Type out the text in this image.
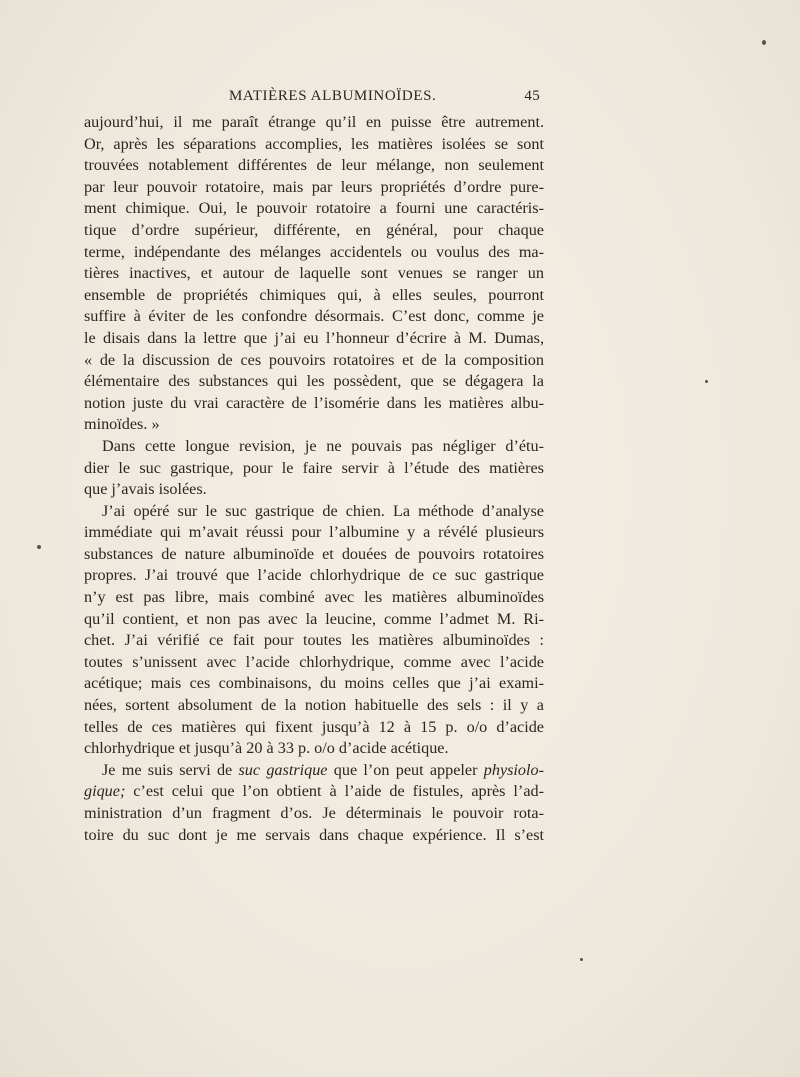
MATIÈRES ALBUMINOÏDES.	45
aujourd’hui, il me paraît étrange qu’il en puisse être autrement.
Or, après les séparations accomplies, les matières isolées se sont
trouvées notablement différentes de leur mélange, non seulement
par leur pouvoir rotatoire, mais par leurs propriétés d’ordre pure-
ment chimique. Oui, le pouvoir rotatoire a fourni une caractéris-
tique d’ordre supérieur, différente, en général, pour chaque
terme, indépendante des mélanges accidentels ou voulus des ma-
tières inactives, et autour de laquelle sont venues se ranger un
ensemble de propriétés chimiques qui, à elles seules, pourront
suffire à éviter de les confondre désormais. C’est donc, comme je
le disais dans la lettre que j’ai eu l’honneur d’écrire à M. Dumas,
« de la discussion de ces pouvoirs rotatoires et de la composition
élémentaire des substances qui les possèdent, que se dégagera la
notion juste du vrai caractère de l’isomérie dans les matières albu-
minoïdes. »
Dans cette longue revision, je ne pouvais pas négliger d’étu-
dier le suc gastrique, pour le faire servir à l’étude des matières
que j’avais isolées.
J’ai opéré sur le suc gastrique de chien. La méthode d’analyse
immédiate qui m’avait réussi pour l’albumine y a révélé plusieurs
substances de nature albuminoïde et douées de pouvoirs rotatoires
propres. J’ai trouvé que l’acide chlorhydrique de ce suc gastrique
n’y est pas libre, mais combiné avec les matières albuminoïdes
qu’il contient, et non pas avec la leucine, comme l’admet M. Ri-
chet. J’ai vérifié ce fait pour toutes les matières albuminoïdes :
toutes s’unissent avec l’acide chlorhydrique, comme avec l’acide
acétique; mais ces combinaisons, du moins celles que j’ai exami-
nées, sortent absolument de la notion habituelle des sels : il y a
telles de ces matières qui fixent jusqu’à 12 à 15 p. o/o d’acide
chlorhydrique et jusqu’à 20 à 33 p. o/o d’acide acétique.
Je me suis servi de suc gastrique que l’on peut appeler physiolo-
gique; c’est celui que l’on obtient à l’aide de fistules, après l’ad-
ministration d’un fragment d’os. Je déterminais le pouvoir rota-
toire du suc dont je me servais dans chaque expérience. Il s’est
